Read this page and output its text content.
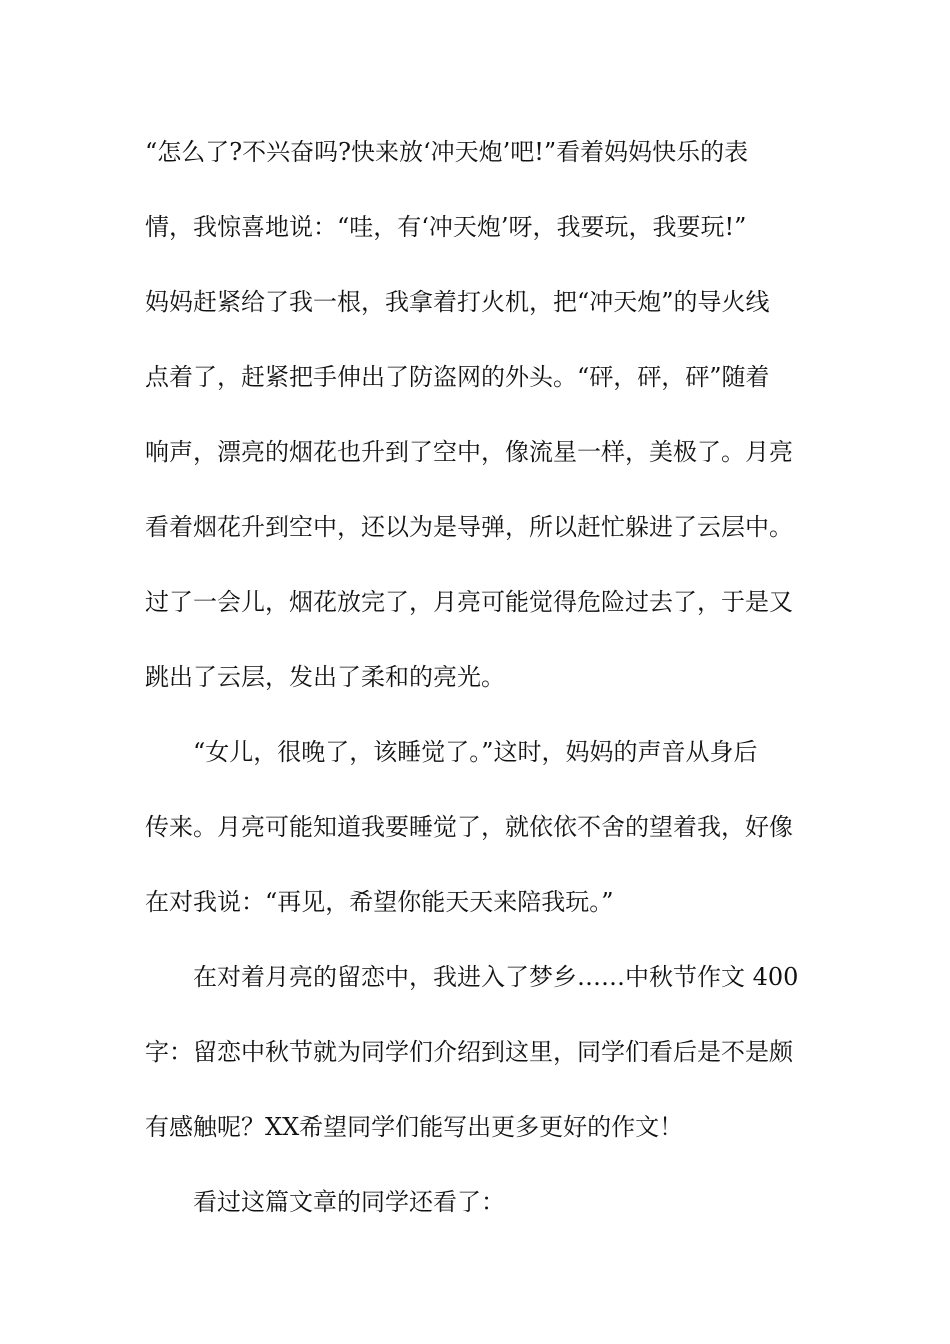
“怎么了?不兴奋吗?快来放‘冲天炮’吧!”看着妈妈快乐的表
情，我惊喜地说：“哇，有‘冲天炮’呀，我要玩，我要玩!”
妈妈赶紧给了我一根，我拿着打火机，把“冲天炮”的导火线
点着了，赶紧把手伸出了防盗网的外头。“砰，砰，砰”随着
响声，漂亮的烟花也升到了空中，像流星一样，美极了。月亮
看着烟花升到空中，还以为是导弹，所以赶忙躲进了云层中。
过了一会儿，烟花放完了，月亮可能觉得危险过去了，于是又
跳出了云层，发出了柔和的亮光。
“女儿，很晚了，该睡觉了。”这时，妈妈的声音从身后
传来。月亮可能知道我要睡觉了，就依依不舍的望着我，好像
在对我说：“再见，希望你能天天来陪我玩。”
在对着月亮的留恋中，我进入了梦乡……中秋节作文 400
字：留恋中秋节就为同学们介绍到这里，同学们看后是不是颇
有感触呢？XX希望同学们能写出更多更好的作文！
看过这篇文章的同学还看了：
